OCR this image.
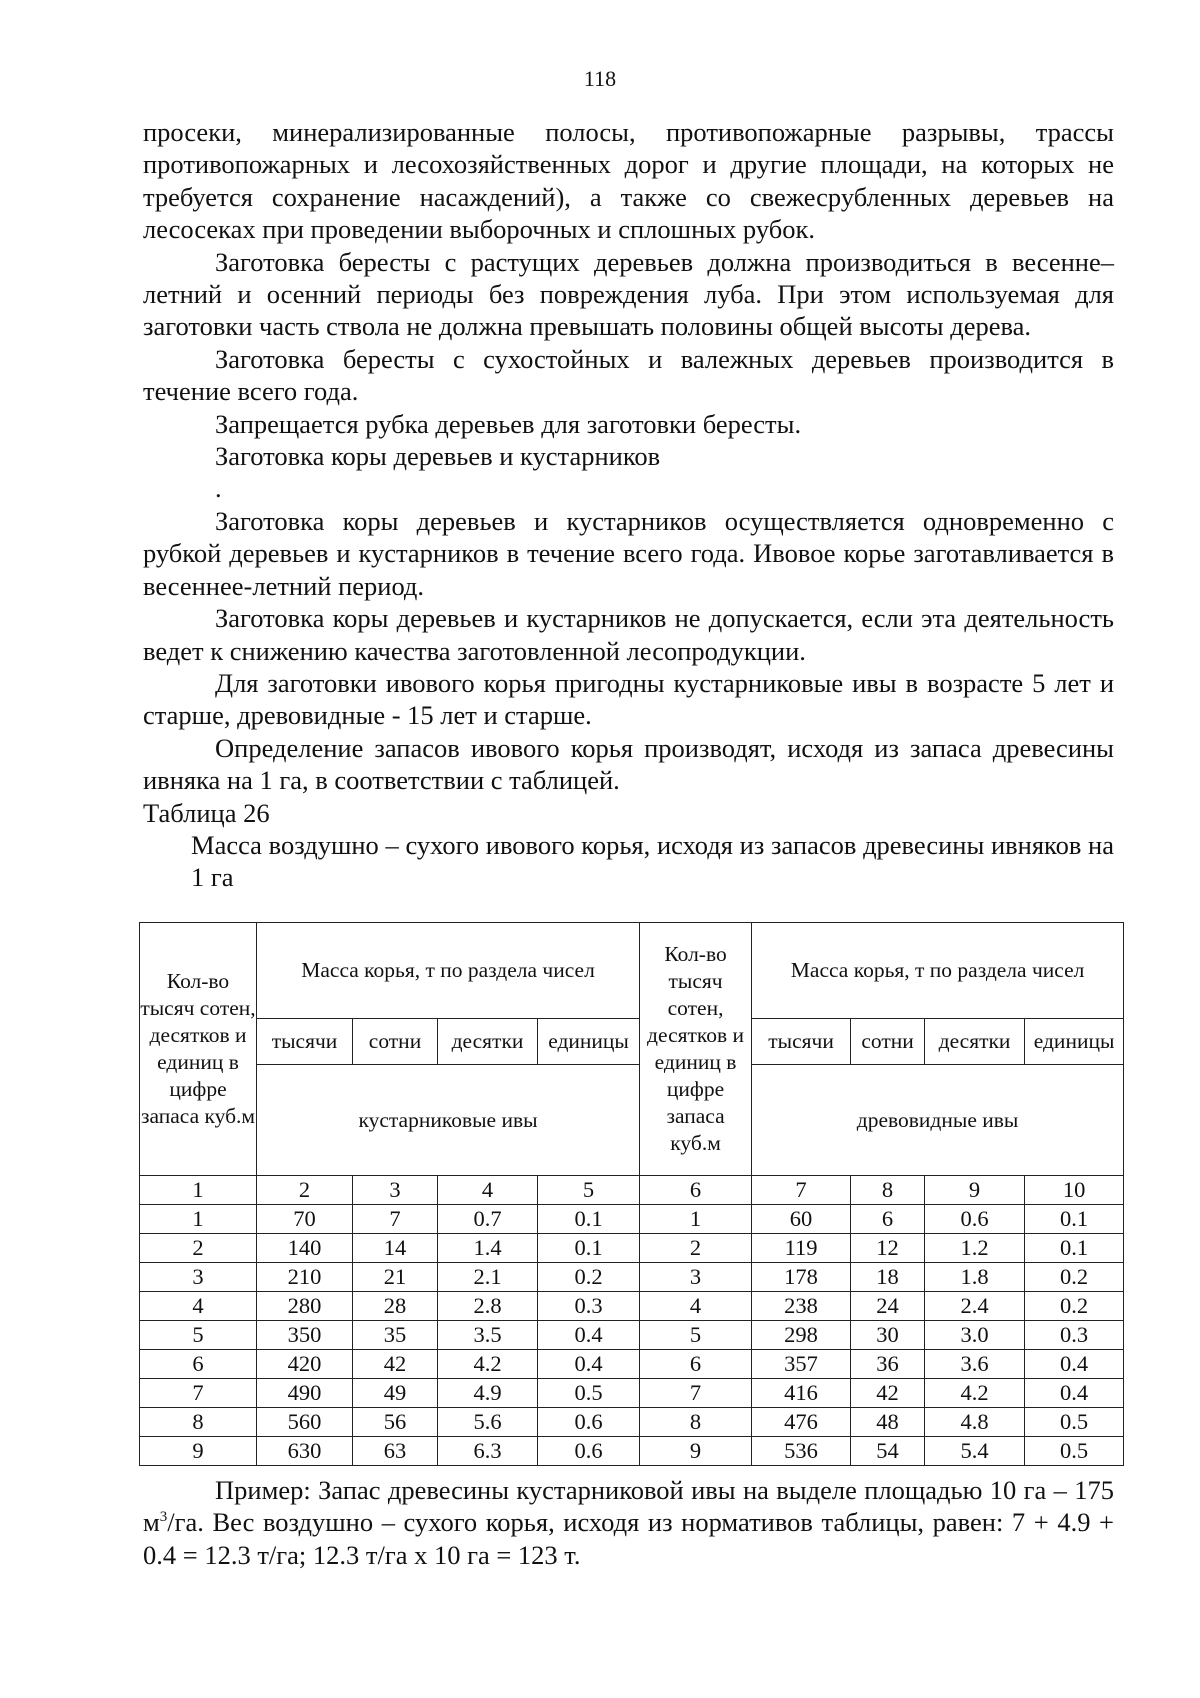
118

просеки, минерализированные полосы, противопожарные разрывы, трассы противопожарных и лесохозяйственных дорог и другие площади, на которых не требуется сохранение насаждений), а также со свежесрубленных деревьев на лесосеках при проведении выборочных и сплошных рубок.

Заготовка бересты с растущих деревьев должна производиться в весенне–летний и осенний периоды без повреждения луба. При этом используемая для заготовки часть ствола не должна превышать половины общей высоты дерева.

Заготовка бересты с сухостойных и валежных деревьев производится в течение всего года.

Запрещается рубка деревьев для заготовки бересты.

Заготовка коры деревьев и кустарников

.

Заготовка коры деревьев и кустарников осуществляется одновременно с рубкой деревьев и кустарников в течение всего года. Ивовое корье заготавливается в весеннее-летний период.

Заготовка коры деревьев и кустарников не допускается, если эта деятельность ведет к снижению качества заготовленной лесопродукции.

Для заготовки ивового корья пригодны кустарниковые ивы в возрасте 5 лет и старше, древовидные - 15 лет и старше.

Определение запасов ивового корья производят, исходя из запаса древесины ивняка на 1 га, в соответствии с таблицей.

Таблица 26

Масса воздушно – сухого ивового корья, исходя из запасов древесины ивняков на 1 га

Кол-во тысяч сотен, десятков и единиц в цифре запаса куб.м	Масса корья, т по раздела чисел				Кол-во тысяч сотен, десятков и единиц в цифре запаса куб.м	Масса корья, т по раздела чисел			
	тысячи	сотни	десятки	единицы		тысячи	сотни	десятки	единицы
	кустарниковые ивы					древовидные ивы			
1	2	3	4	5	6	7	8	9	10
1	70	7	0.7	0.1	1	60	6	0.6	0.1
2	140	14	1.4	0.1	2	119	12	1.2	0.1
3	210	21	2.1	0.2	3	178	18	1.8	0.2
4	280	28	2.8	0.3	4	238	24	2.4	0.2
5	350	35	3.5	0.4	5	298	30	3.0	0.3
6	420	42	4.2	0.4	6	357	36	3.6	0.4
7	490	49	4.9	0.5	7	416	42	4.2	0.4
8	560	56	5.6	0.6	8	476	48	4.8	0.5
9	630	63	6.3	0.6	9	536	54	5.4	0.5

Пример: Запас древесины кустарниковой ивы на выделе площадью 10 га – 175 $м^3/га$. Вес воздушно – сухого корья, исходя из нормативов таблицы, равен: 7 + 4.9 + 0.4 = 12.3 т/га; 12.3 т/га х 10 га = 123 т.
